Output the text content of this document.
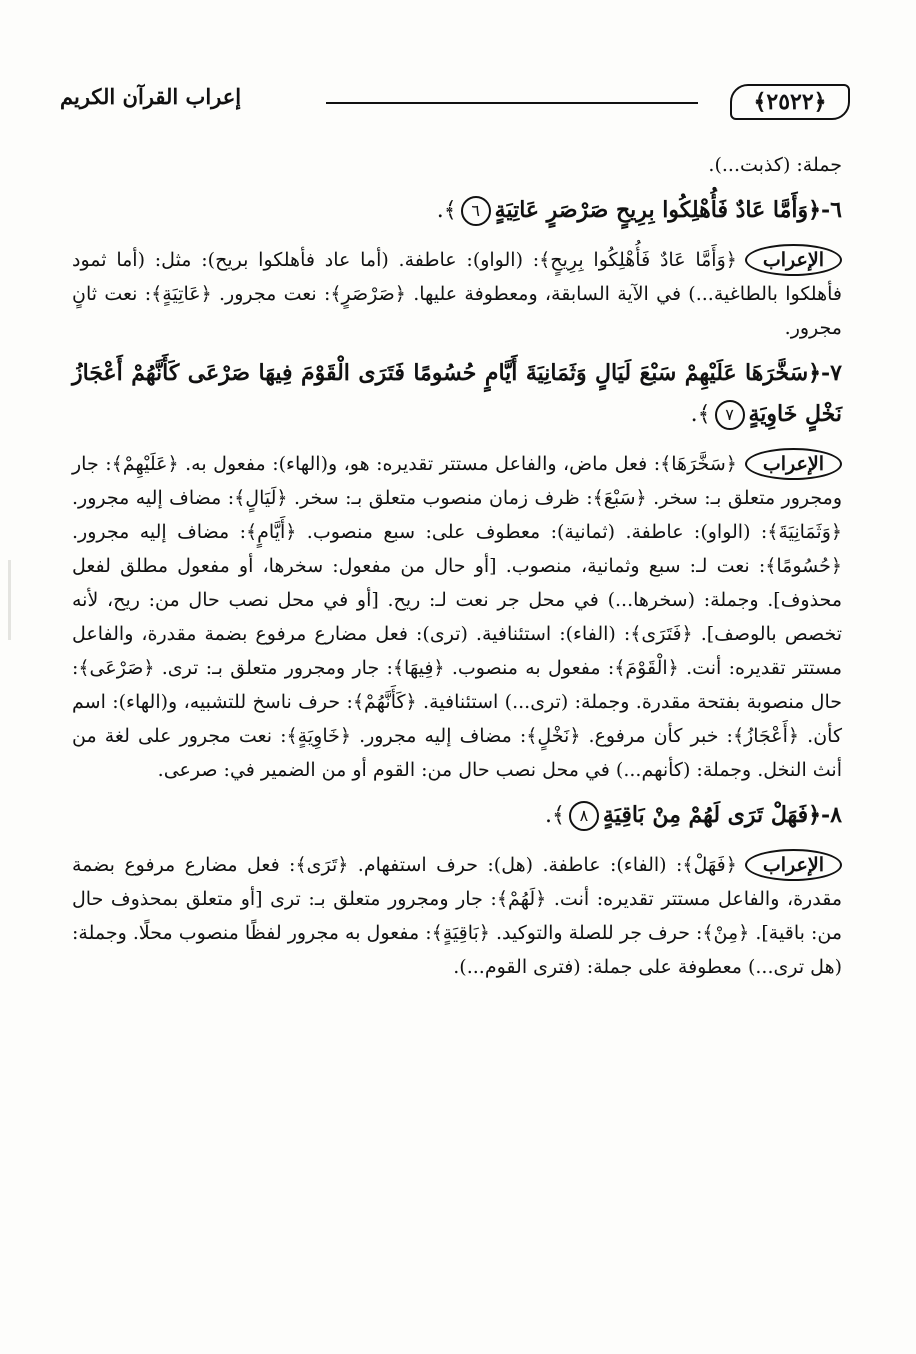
﴿٢٥٢٢﴾
إعراب القرآن الكريم

جملة: (كذبت...).

٦-﴿وَأَمَّا عَادٌ فَأُهْلِكُوا بِرِيحٍ صَرْصَرٍ عَاتِيَةٍ٦﴾.

الإعراب﴿وَأَمَّا عَادٌ فَأُهْلِكُوا بِرِيحٍ﴾: (الواو): عاطفة. (أما عاد فأهلكوا بريح): مثل: (أما ثمود فأهلكوا بالطاغية...) في الآية السابقة، ومعطوفة عليها. ﴿صَرْصَرٍ﴾: نعت مجرور. ﴿عَاتِيَةٍ﴾: نعت ثانٍ مجرور.

٧-﴿سَخَّرَهَا عَلَيْهِمْ سَبْعَ لَيَالٍ وَثَمَانِيَةَ أَيَّامٍ حُسُومًا فَتَرَى الْقَوْمَ فِيهَا صَرْعَى كَأَنَّهُمْ أَعْجَازُ نَخْلٍ خَاوِيَةٍ٧﴾.

الإعراب﴿سَخَّرَهَا﴾: فعل ماض، والفاعل مستتر تقديره: هو، و(الهاء): مفعول به. ﴿عَلَيْهِمْ﴾: جار ومجرور متعلق بـ: سخر. ﴿سَبْعَ﴾: ظرف زمان منصوب متعلق بـ: سخر. ﴿لَيَالٍ﴾: مضاف إليه مجرور. ﴿وَثَمَانِيَةَ﴾: (الواو): عاطفة. (ثمانية): معطوف على: سبع منصوب. ﴿أَيَّامٍ﴾: مضاف إليه مجرور. ﴿حُسُومًا﴾: نعت لـ: سبع وثمانية، منصوب. [أو حال من مفعول: سخرها، أو مفعول مطلق لفعل محذوف]. وجملة: (سخرها...) في محل جر نعت لـ: ريح. [أو في محل نصب حال من: ريح، لأنه تخصص بالوصف]. ﴿فَتَرَى﴾: (الفاء): استئنافية. (ترى): فعل مضارع مرفوع بضمة مقدرة، والفاعل مستتر تقديره: أنت. ﴿الْقَوْمَ﴾: مفعول به منصوب. ﴿فِيهَا﴾: جار ومجرور متعلق بـ: ترى. ﴿صَرْعَى﴾: حال منصوبة بفتحة مقدرة. وجملة: (ترى...) استئنافية. ﴿كَأَنَّهُمْ﴾: حرف ناسخ للتشبيه، و(الهاء): اسم كأن. ﴿أَعْجَازُ﴾: خبر كأن مرفوع. ﴿نَخْلٍ﴾: مضاف إليه مجرور. ﴿خَاوِيَةٍ﴾: نعت مجرور على لغة من أنث النخل. وجملة: (كأنهم...) في محل نصب حال من: القوم أو من الضمير في: صرعى.

٨-﴿فَهَلْ تَرَى لَهُمْ مِنْ بَاقِيَةٍ٨﴾.

الإعراب﴿فَهَلْ﴾: (الفاء): عاطفة. (هل): حرف استفهام. ﴿تَرَى﴾: فعل مضارع مرفوع بضمة مقدرة، والفاعل مستتر تقديره: أنت. ﴿لَهُمْ﴾: جار ومجرور متعلق بـ: ترى [أو متعلق بمحذوف حال من: باقية]. ﴿مِنْ﴾: حرف جر للصلة والتوكيد. ﴿بَاقِيَةٍ﴾: مفعول به مجرور لفظًا منصوب محلًا. وجملة: (هل ترى...) معطوفة على جملة: (فترى القوم...).
